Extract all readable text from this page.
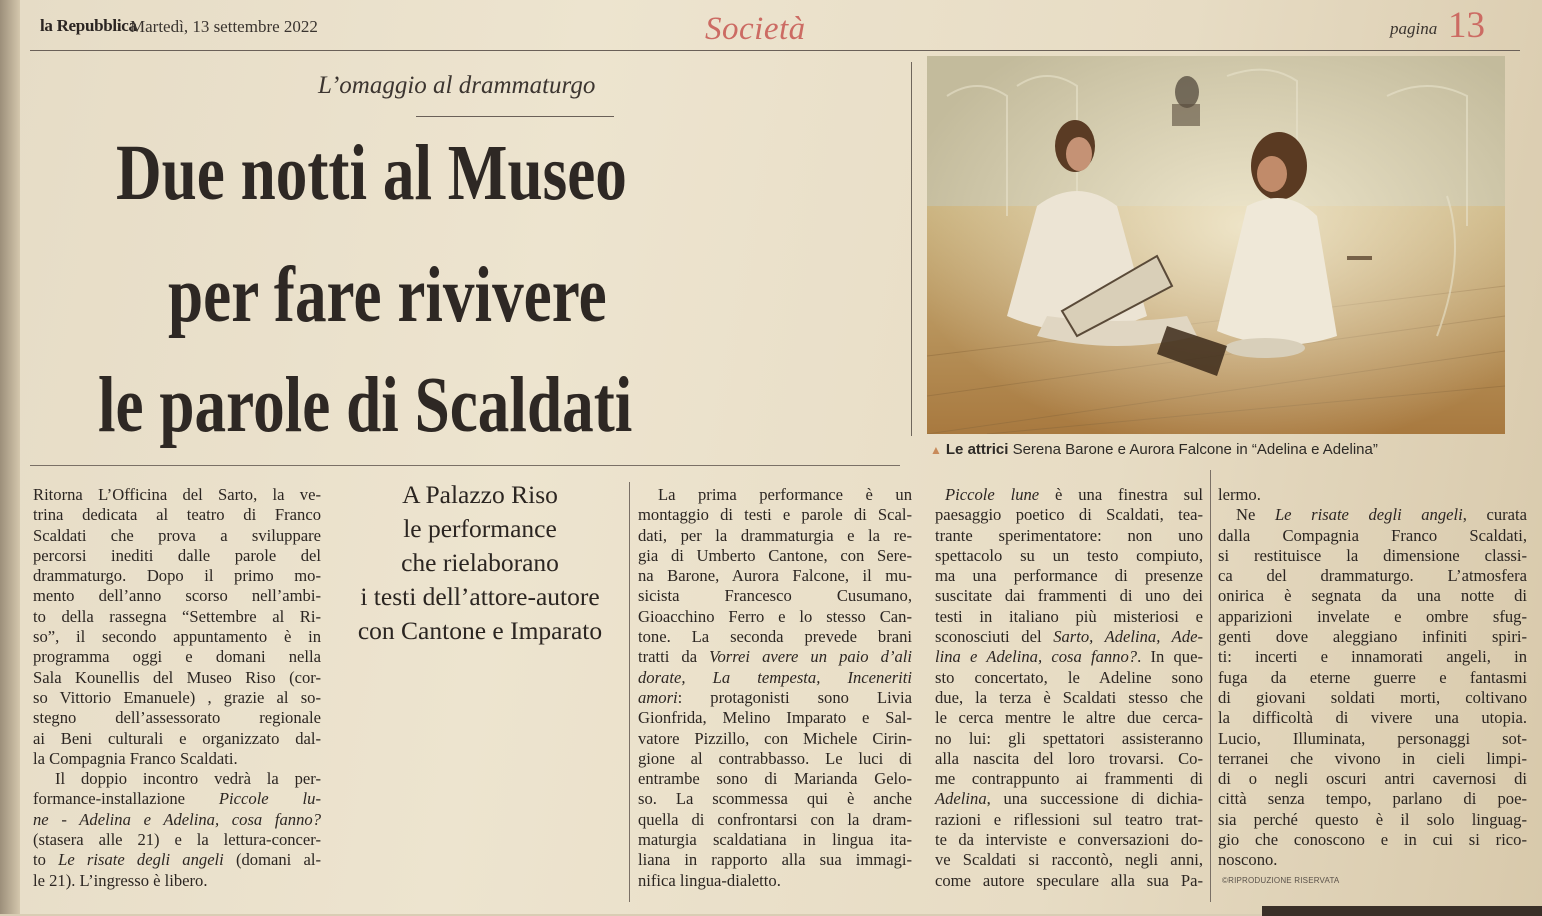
la Repubblica
Martedì, 13 settembre 2022	Società	pagina 13
L’omaggio al drammaturgo
Due notti al Museo
per fare rivivere
le parole di Scaldati
▲ Le attrici Serena Barone e Aurora Falcone in “Adelina e Adelina”

Ritorna L’Officina del Sarto, la ve-

trina dedicata al teatro di Franco

Scaldati che prova a sviluppare

percorsi inediti dalle parole del

drammaturgo. Dopo il primo mo-

mento dell’anno scorso nell’ambi-

to della rassegna “Settembre al Ri-

so”, il secondo appuntamento è in

programma oggi e domani nella

Sala Kounellis del Museo Riso (cor-

so Vittorio Emanuele) , grazie al so-

stegno dell’assessorato regionale

ai Beni culturali e organizzato dal-

la Compagnia Franco Scaldati.

Il doppio incontro vedrà la per-

formance-installazione Piccole lu-

ne - Adelina e Adelina, cosa fanno?

(stasera alle 21) e la lettura-concer-

to Le risate degli angeli (domani al-

le 21). L’ingresso è libero.

A Palazzo Riso
le performance
che rielaborano
i testi dell’attore-autore
con Cantone e Imparato

La prima performance è un

montaggio di testi e parole di Scal-

dati, per la drammaturgia e la re-

gia di Umberto Cantone, con Sere-

na Barone, Aurora Falcone, il mu-

sicista Francesco Cusumano,

Gioacchino Ferro e lo stesso Can-

tone. La seconda prevede brani

tratti da Vorrei avere un paio d’ali

dorate, La tempesta, Inceneriti

amori: protagonisti sono Livia

Gionfrida, Melino Imparato e Sal-

vatore Pizzillo, con Michele Cirin-

gione al contrabbasso. Le luci di

entrambe sono di Marianda Gelo-

so. La scommessa qui è anche

quella di confrontarsi con la dram-

maturgia scaldatiana in lingua ita-

liana in rapporto alla sua immagi-

nifica lingua-dialetto.

Piccole lune è una finestra sul

paesaggio poetico di Scaldati, tea-

trante sperimentatore: non uno

spettacolo su un testo compiuto,

ma una performance di presenze

suscitate dai frammenti di uno dei

testi in italiano più misteriosi e

sconosciuti del Sarto, Adelina, Ade-

lina e Adelina, cosa fanno?. In que-

sto concertato, le Adeline sono

due, la terza è Scaldati stesso che

le cerca mentre le altre due cerca-

no lui: gli spettatori assisteranno

alla nascita del loro trovarsi. Co-

me contrappunto ai frammenti di

Adelina, una successione di dichia-

razioni e riflessioni sul teatro trat-

te da interviste e conversazioni do-

ve Scaldati si raccontò, negli anni,

come autore speculare alla sua Pa-

lermo.

Ne Le risate degli angeli, curata

dalla Compagnia Franco Scaldati,

si restituisce la dimensione classi-

ca del drammaturgo. L’atmosfera

onirica è segnata da una notte di

apparizioni invelate e ombre sfug-

genti dove aleggiano infiniti spiri-

ti: incerti e innamorati angeli, in

fuga da eterne guerre e fantasmi

di giovani soldati morti, coltivano

la difficoltà di vivere una utopia.

Lucio, Illuminata, personaggi sot-

terranei che vivono in cieli limpi-

di o negli oscuri antri cavernosi di

città senza tempo, parlano di poe-

sia perché questo è il solo linguag-

gio che conoscono e in cui si rico-

noscono.

©RIPRODUZIONE RISERVATA
